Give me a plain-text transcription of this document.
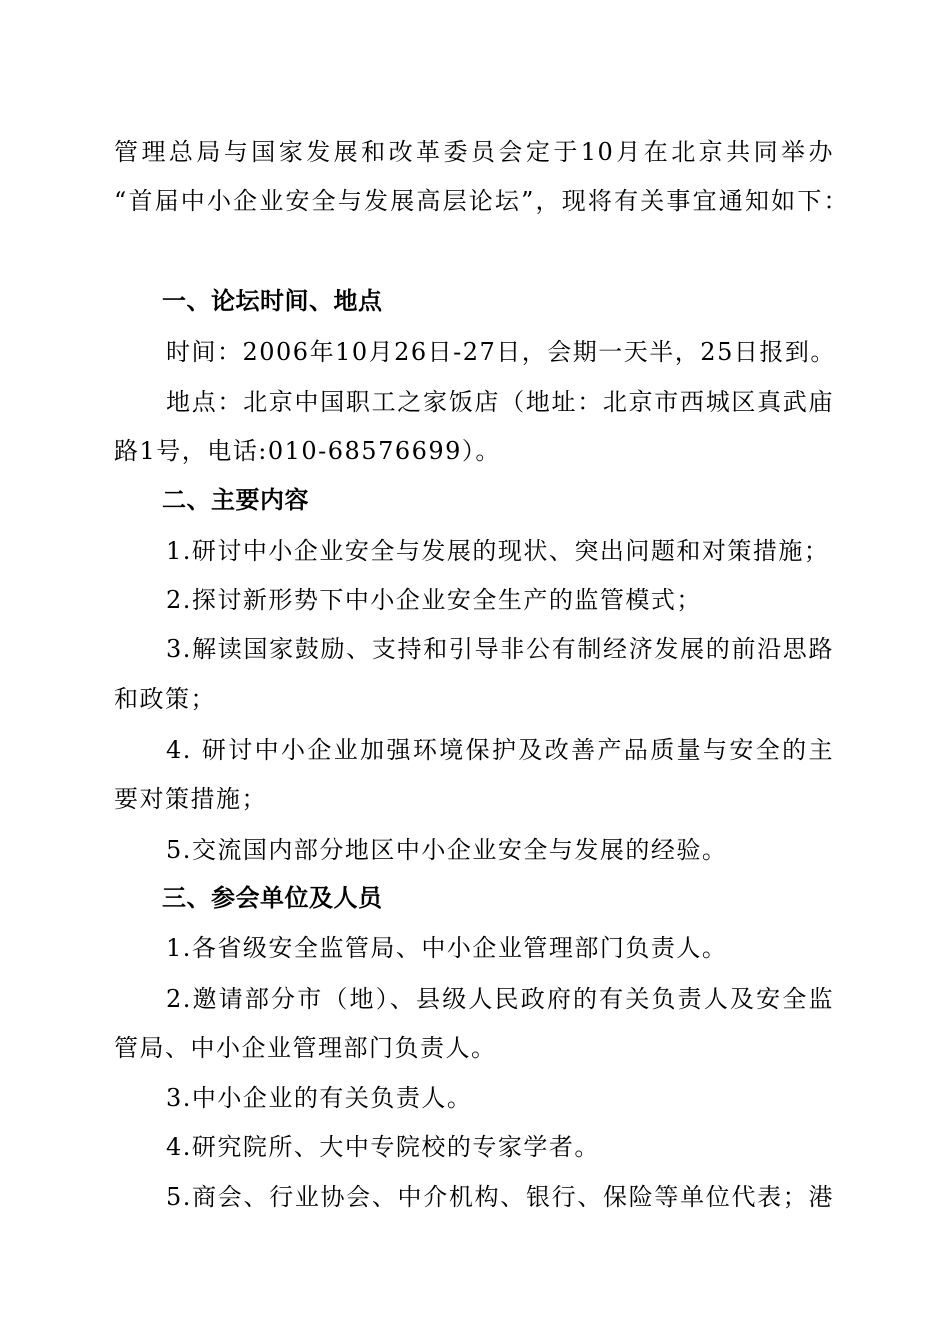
管理总局与国家发展和改革委员会定于10月在北京共同举办
“首届中小企业安全与发展高层论坛”，现将有关事宜通知如下：
一、论坛时间、地点
时间：2006年10月26日-27日，会期一天半，25日报到。
地点：北京中国职工之家饭店（地址：北京市西城区真武庙
路1号，电话:010-68576699）。
二、主要内容
1.研讨中小企业安全与发展的现状、突出问题和对策措施；
2.探讨新形势下中小企业安全生产的监管模式；
3.解读国家鼓励、支持和引导非公有制经济发展的前沿思路
和政策；
4. 研讨中小企业加强环境保护及改善产品质量与安全的主
要对策措施；
5.交流国内部分地区中小企业安全与发展的经验。
三、参会单位及人员
1.各省级安全监管局、中小企业管理部门负责人。
2.邀请部分市（地）、县级人民政府的有关负责人及安全监
管局、中小企业管理部门负责人。
3.中小企业的有关负责人。
4.研究院所、大中专院校的专家学者。
5.商会、行业协会、中介机构、银行、保险等单位代表；港
